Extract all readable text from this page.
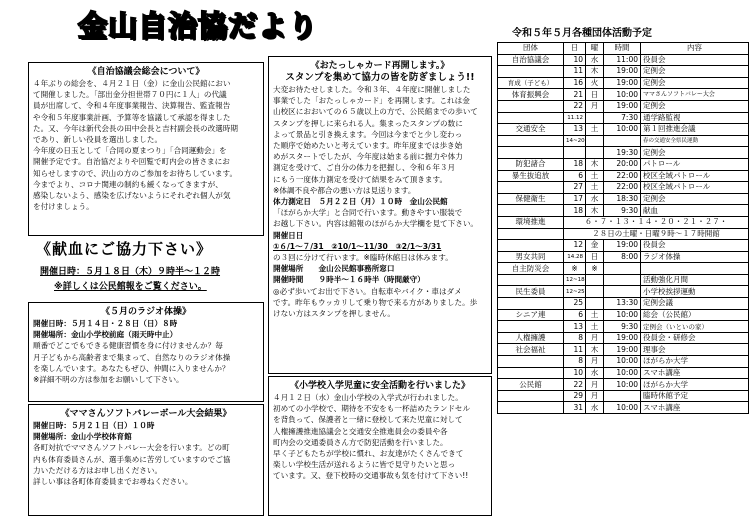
金山自治協だより	令和５年５月各種団体活動予定
《自治協議会総会について》
４年ぶりの総会を、４月２１日（金）に金山公民館におい
て開催しました。「部出金分担世帯７０円に１人」の代議
員が出席して、令和４年度事業報告、決算報告、監査報告
や令和５年度事業計画、予算等を協議して承認を得ました
た。又、今年は新代会長の田中会長と吉村副会長の改選時期
であり、新しい役員を選出しました。
今年度の日玉として「合同の夏まつり」「合同運動会」を
開催予定です。自治協だよりや回覧で町内会の皆さまにお
知らせしますので、沢山の方のご参加をお待ちしています。
今までより、コロナ関連の制約も緩くなってきますが、
感染しないよう、感染を広げないようにそれぞれ個人が気
を付けましょう。
《献血にご協力下さい》
開催日時：５月１８日（木）９時半〜１２時
※詳しくは公民館報をご覧ください。
《５月のラジオ体操》
開催日時：５月１４日・２８日（日）８時
開催場所：金山小学校前庭（雨天時中止）
順番でどこでもできる健康習慣を身に付けませんか？毎
月子どもから高齢者まで集まって、自然なりのラジオ体操
を楽しんでいます。あなたもぜひ、仲間に入りませんか？
※詳細不明の方は参加をお願いして下さい。
《ママさんソフトバレーボール大会結果》
開催日時：５月２１日（日）１０時
開催場所：金山小学校体育館
各町対抗でママさんソフトバレー大会を行います。どの町
内も体育委員さんが、選手集めに苦労していますのでご協
力いただける方はお申し出ください。
詳しい事は各町体育委員までお尋ねください。
《おたっしゃカード再開します。》
スタンプを集めて協力の皆を防ぎましょう!!
大変お待たせしました。令和３年、４年度に開催しました
事業でした「おたっしゃカード」を再開します。これは金
山校区におおいての６５歳以上の方で、公民館までの歩いて
スタンプを押しに来られる人。集まったスタンプの数に
よって景品と引き換えます。今回は今までと少し変わっ
た順序で始めたいと考えています。昨年度までは歩き始
めがスタートでしたが、今年度は始まる前に握力や体力
測定を受けて、ご自分の体力を把握し、令和６年３月
にもう一度体力測定を受けて結果をみて頂きます。
※体調不良や都合の悪い方は見送ります。
体力測定日　５月２２日（月）１０時　金山公民館
「ほがらか大学」と合同で行います。動きやすい服装で
お越し下さい。内容は館報のほがらか大学欄を見て下さい。
開催日日
①６/1〜７/31　②10/1〜11/30　③2/1〜3/31
の３回に分けて行います。※臨時休館日は休みます。
開催場所　　金山公民館事務所窓口
開催時間　　９時半〜１６時半（時間厳守）
◎必ず歩いてお出で下さい。自転車やバイク・車はダメ
です。昨年もウッカリして乗り物で来る方がありました。歩
けない方はスタンプを押しません。
《小学校入学児童に安全活動を行いました》
４月１２日（水）金山小学校の入学式が行われました。
初めての小学校で、期待を不安をも一杯詰めたランドセル
を背負って、保護者と一緒に登校して来た児童に対して
人権擁護推進協議会と交通安全推進員会の委員や各
町内会の交通委員さん方で防犯活動を行いました。
早く子どもたちが学校に慣れ、お友達がたくさんできて
楽しい学校生活が送れるように皆で見守りたいと思っ
ています。又、登下校時の交通事故も気を付けて下さい!!
団体	日	曜	時間	内容
自治協議会	10	水	11:00	役員会
	11	木	19:00	定例会
育成（子ども）	16	火	19:00	定例会
体育振興会	21	日	10:00	ママさんソフトバレー大会
	22	月	19:00	定例会
	11.12		7:30	通学路監視
交通安全	13	土	10:00	第１回推進会議
	14~20			春の交通安全県民運動
			19:30	定例会
防犯諸合	18	木	20:00	パトロール
暴生抜追放	6	土	22:00	校区全域パトロール
	27	土	22:00	校区全域パトロール
保健衛生	17	水	18:30	定例会
	18	木	9:30	献血
環境推進	６・７・１３・１４・２０・２１・２７・			
	２８日の土曜・日曜９時〜１７時開館			
	12	金	19:00	役員会
男女共同	14.28	日	8:00	ラジオ体操
自主防災会	※	※		
	12~18			活動強化月間
民生委員	12~25			小学校挨拶運動
	25		13:30	定例会議
シニア連	6	土	10:00	総会（公民館）
	13	土	9:30	定例会（いといの家）
人権擁護	8	月	19:00	役員会・研修会
社会福祉	11	木	19:00	理事会
	8	月	10:00	ほがらか大学
	10	水	10:00	スマホ講座
公民館	22	月	10:00	ほがらか大学
	29	月		臨時休館予定
	31	水	10:00	スマホ講座
